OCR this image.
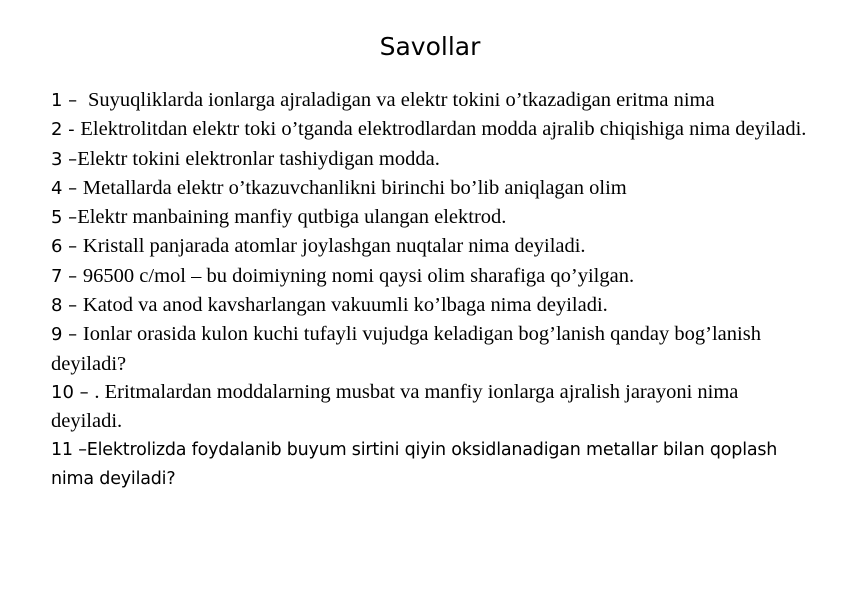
Savollar
1 –  Suyuqliklarda ionlarga ajraladigan va elektr tokini o’tkazadigan eritma nima
2 - Elektrolitdan elektr toki o’tganda elektrodlardan modda ajralib chiqishiga nima deyiladi.
3 –Elektr tokini elektronlar tashiydigan modda.
4 – Metallarda elektr o’tkazuvchanlikni birinchi bo’lib aniqlagan olim
5 –Elektr manbaining manfiy qutbiga ulangan elektrod.
6 – Kristall panjarada atomlar joylashgan nuqtalar nima deyiladi.
7 – 96500 c/mol – bu doimiyning nomi qaysi olim sharafiga qo’yilgan.
8 – Katod va anod kavsharlangan vakuumli ko’lbaga nima deyiladi.
9 – Ionlar orasida kulon kuchi tufayli vujudga keladigan bog’lanish qanday bog’lanish deyiladi?
10 – . Eritmalardan moddalarning musbat va manfiy ionlarga ajralish jarayoni nima deyiladi.
11 –Elektrolizda foydalanib buyum sirtini qiyin oksidlanadigan metallar bilan qoplash nima deyiladi?
